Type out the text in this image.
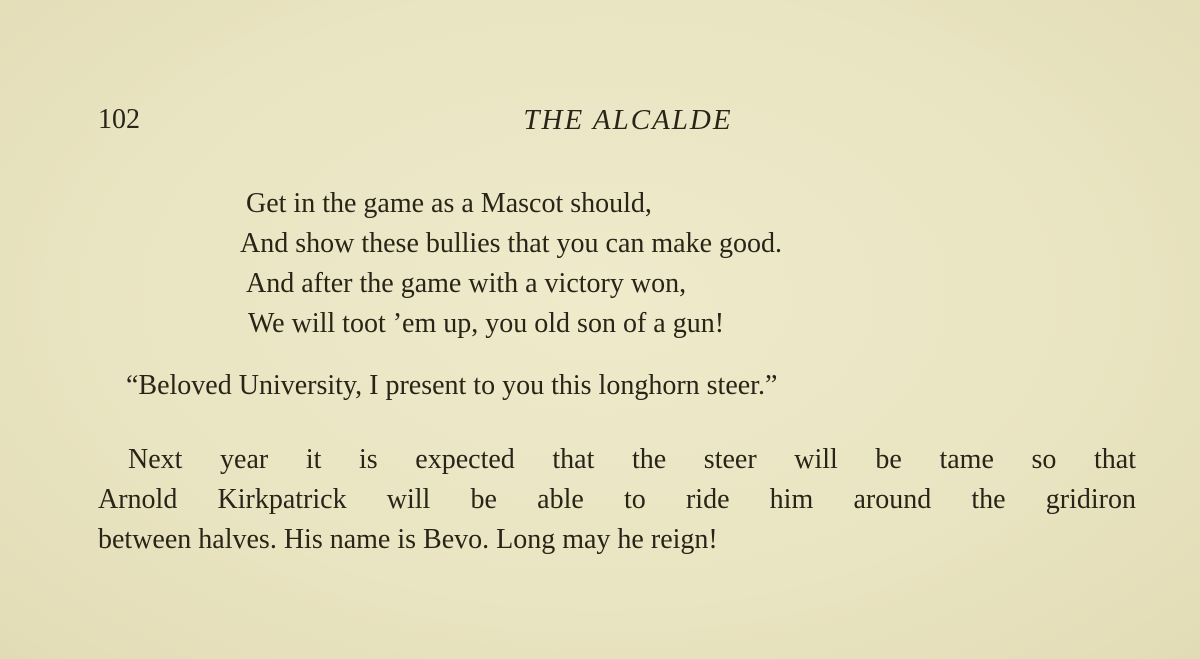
102	THE ALCALDE
Get in the game as a Mascot should,
And show these bullies that you can make good.
And after the game with a victory won,
We will toot ’em up, you old son of a gun!
“Beloved University, I present to you this longhorn steer.”
Next year it is expected that the steer will be tame so that
Arnold Kirkpatrick will be able to ride him around the gridiron
between halves. His name is Bevo. Long may he reign!
